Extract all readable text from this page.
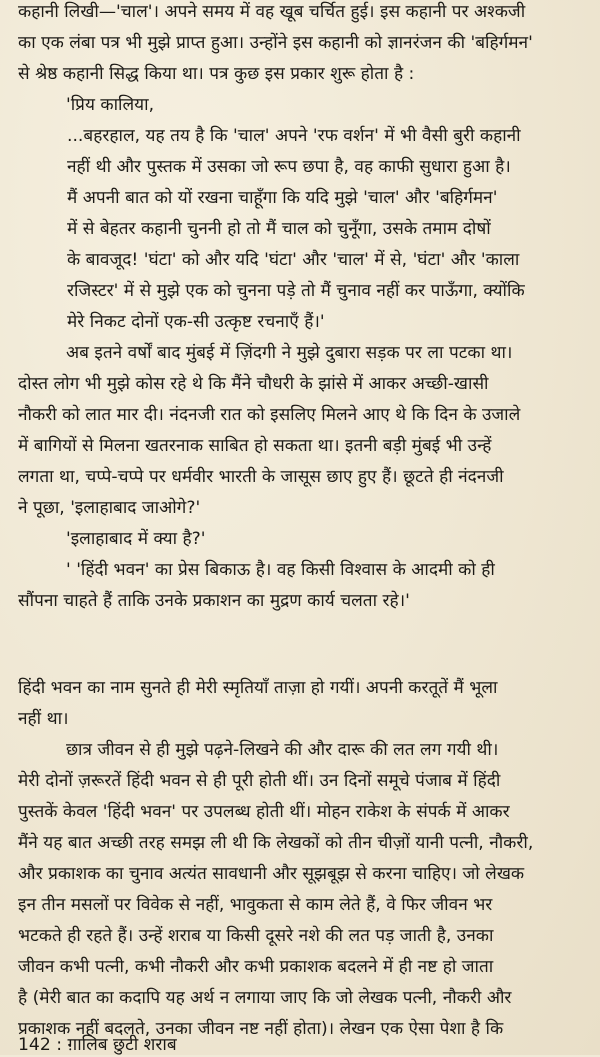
कहानी लिखी—'चाल'। अपने समय में वह खूब चर्चित हुई। इस कहानी पर अश्कजी
का एक लंबा पत्र भी मुझे प्राप्त हुआ। उन्होंने इस कहानी को ज्ञानरंजन की 'बहिर्गमन'
से श्रेष्ठ कहानी सिद्ध किया था। पत्र कुछ इस प्रकार शुरू होता है :
'प्रिय कालिया,
...बहरहाल, यह तय है कि 'चाल' अपने 'रफ वर्शन' में भी वैसी बुरी कहानी
नहीं थी और पुस्तक में उसका जो रूप छपा है, वह काफी सुधारा हुआ है।
मैं अपनी बात को यों रखना चाहूँगा कि यदि मुझे 'चाल' और 'बहिर्गमन'
में से बेहतर कहानी चुननी हो तो मैं चाल को चुनूँगा, उसके तमाम दोषों
के बावजूद! 'घंटा' को और यदि 'घंटा' और 'चाल' में से, 'घंटा' और 'काला
रजिस्टर' में से मुझे एक को चुनना पड़े तो मैं चुनाव नहीं कर पाऊँगा, क्योंकि
मेरे निकट दोनों एक-सी उत्कृष्ट रचनाएँ हैं।'
अब इतने वर्षों बाद मुंबई में ज़िंदगी ने मुझे दुबारा सड़क पर ला पटका था।
दोस्त लोग भी मुझे कोस रहे थे कि मैंने चौधरी के झांसे में आकर अच्छी-खासी
नौकरी को लात मार दी। नंदनजी रात को इसलिए मिलने आए थे कि दिन के उजाले
में बागियों से मिलना खतरनाक साबित हो सकता था। इतनी बड़ी मुंबई भी उन्हें
लगता था, चप्पे-चप्पे पर धर्मवीर भारती के जासूस छाए हुए हैं। छूटते ही नंदनजी
ने पूछा, 'इलाहाबाद जाओगे?'
'इलाहाबाद में क्या है?'
' 'हिंदी भवन' का प्रेस बिकाऊ है। वह किसी विश्वास के आदमी को ही
सौंपना चाहते हैं ताकि उनके प्रकाशन का मुद्रण कार्य चलता रहे।'
हिंदी भवन का नाम सुनते ही मेरी स्मृतियाँ ताज़ा हो गयीं। अपनी करतूतें मैं भूला
नहीं था।
छात्र जीवन से ही मुझे पढ़ने-लिखने की और दारू की लत लग गयी थी।
मेरी दोनों ज़रूरतें हिंदी भवन से ही पूरी होती थीं। उन दिनों समूचे पंजाब में हिंदी
पुस्तकें केवल 'हिंदी भवन' पर उपलब्ध होती थीं। मोहन राकेश के संपर्क में आकर
मैंने यह बात अच्छी तरह समझ ली थी कि लेखकों को तीन चीज़ों यानी पत्नी, नौकरी,
और प्रकाशक का चुनाव अत्यंत सावधानी और सूझबूझ से करना चाहिए। जो लेखक
इन तीन मसलों पर विवेक से नहीं, भावुकता से काम लेते हैं, वे फिर जीवन भर
भटकते ही रहते हैं। उन्हें शराब या किसी दूसरे नशे की लत पड़ जाती है, उनका
जीवन कभी पत्नी, कभी नौकरी और कभी प्रकाशक बदलने में ही नष्ट हो जाता
है (मेरी बात का कदापि यह अर्थ न लगाया जाए कि जो लेखक पत्नी, नौकरी और
प्रकाशक नहीं बदलते, उनका जीवन नष्ट नहीं होता)। लेखन एक ऐसा पेशा है कि
142 : ग़ालिब छुटी शराब
